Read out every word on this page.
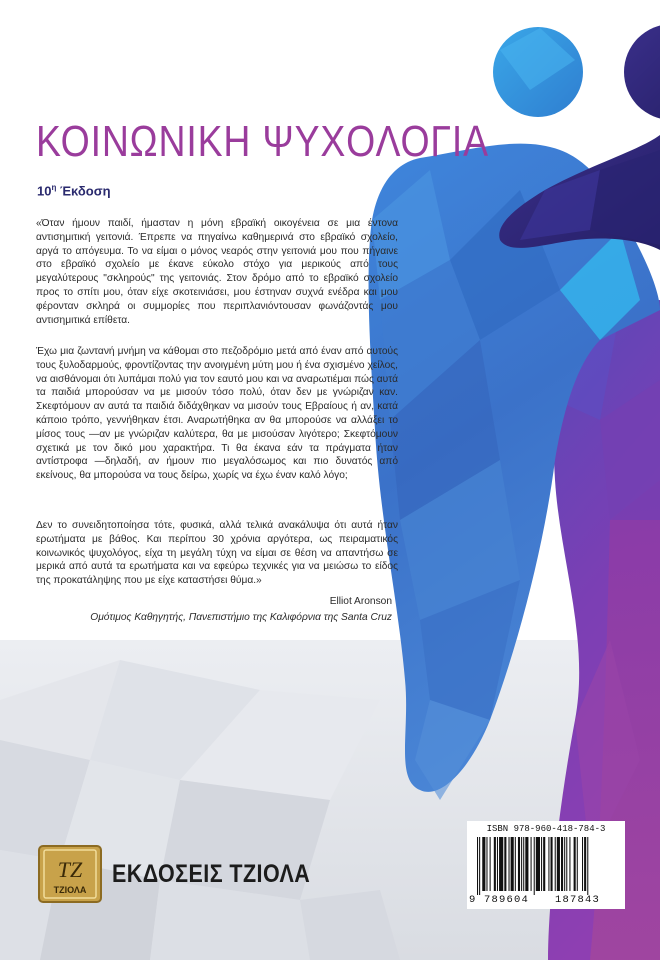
ΚΟΙΝΩΝΙΚΗ ΨΥΧΟΛΟΓΙΑ
$10^\eta$ Έκδοση

«Όταν ήμουν παιδί, ήμασταν η μόνη εβραϊκή οικογένεια σε μια έντονα αντισημιτική γειτονιά. Έπρεπε να πηγαίνω καθημερινά στο εβραϊκό σχολείο, αργά το απόγευμα. Το να είμαι ο μόνος νεαρός στην γειτονιά μου που πήγαινε στο εβραϊκό σχολείο με έκανε εύκολο στόχο για μερικούς από τους μεγαλύτερους "σκληρούς" της γειτονιάς. Στον δρόμο από το εβραϊκό σχολείο προς το σπίτι μου, όταν είχε σκοτεινιάσει, μου έστηναν συχνά ενέδρα και μου φέρονταν σκληρά οι συμμορίες που περιπλανιόντουσαν φωνάζοντάς μου αντισημιτικά επίθετα.

Έχω μια ζωντανή μνήμη να κάθομαι στο πεζοδρόμιο μετά από έναν από αυτούς τους ξυλοδαρμούς, φροντίζοντας την ανοιγμένη μύτη μου ή ένα σχισμένο χείλος, να αισθάνομαι ότι λυπάμαι πολύ για τον εαυτό μου και να αναρωτιέμαι πώς αυτά τα παιδιά μπορούσαν να με μισούν τόσο πολύ, όταν δεν με γνώριζαν καν. Σκεφτόμουν αν αυτά τα παιδιά διδάχθηκαν να μισούν τους Εβραίους ή αν, κατά κάποιο τρόπο, γεννήθηκαν έτσι. Αναρωτήθηκα αν θα μπορούσε να αλλάξει το μίσος τους —αν με γνώριζαν καλύτερα, θα με μισούσαν λιγότερο; Σκεφτόμουν σχετικά με τον δικό μου χαρακτήρα. Τι θα έκανα εάν τα πράγματα ήταν αντίστροφα —δηλαδή, αν ήμουν πιο μεγαλόσωμος και πιο δυνατός από εκείνους, θα μπορούσα να τους δείρω, χωρίς να έχω έναν καλό λόγο;

Δεν το συνειδητοποίησα τότε, φυσικά, αλλά τελικά ανακάλυψα ότι αυτά ήταν ερωτήματα με βάθος. Και περίπου 30 χρόνια αργότερα, ως πειραματικός κοινωνικός ψυχολόγος, είχα τη μεγάλη τύχη να είμαι σε θέση να απαντήσω σε μερικά από αυτά τα ερωτήματα και να εφεύρω τεχνικές για να μειώσω το είδος της προκατάληψης που με είχε καταστήσει θύμα.»

Elliot Aronson
Ομότιμος Καθηγητής, Πανεπιστήμιο της Καλιφόρνια της Santa Cruz
ΤΖ
ΤΖΙΟΛΑ
ΕΚΔΟΣΕΙΣ ΤΖΙΟΛΑ
ISBN 978-960-418-784-3
9 789604 187843
